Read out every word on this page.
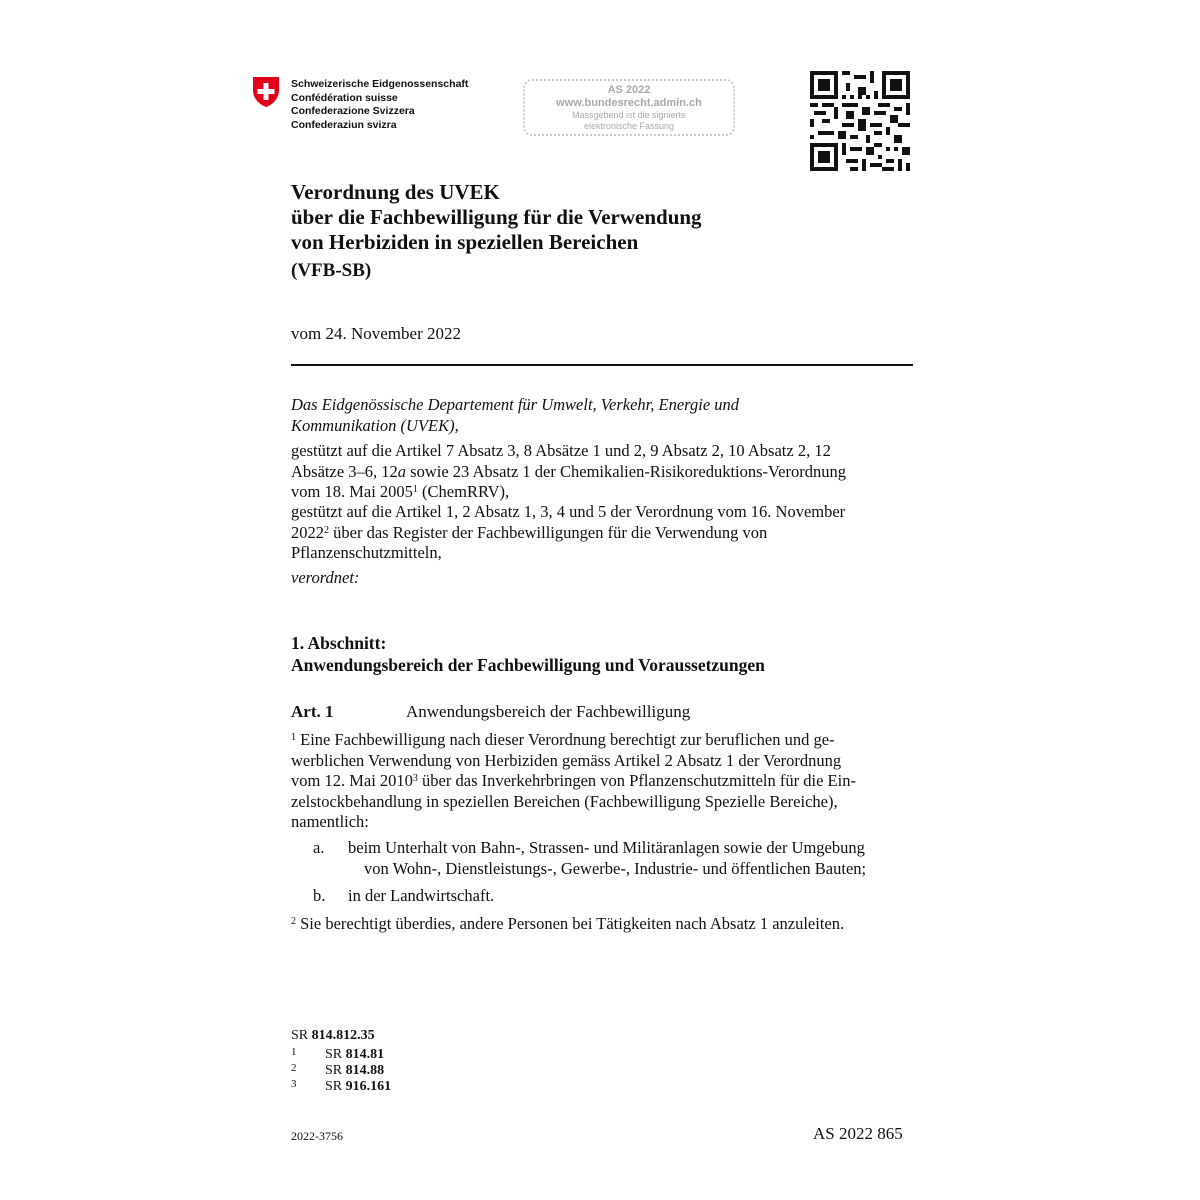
Schweizerische Eidgenossenschaft
Confédération suisse
Confederazione Svizzera
Confederaziun svizra
AS 2022
www.bundesrecht.admin.ch
Massgebend ist die signierte
elektronische Fassung
Verordnung des UVEK
über die Fachbewilligung für die Verwendung
von Herbiziden in speziellen Bereichen
(VFB-SB)
vom 24. November 2022
Das Eidgenössische Departement für Umwelt, Verkehr, Energie und
Kommunikation (UVEK),
gestützt auf die Artikel 7 Absatz 3, 8 Absätze 1 und 2, 9 Absatz 2, 10 Absatz 2, 12
Absätze 3–6, 12a sowie 23 Absatz 1 der Chemikalien-Risikoreduktions-Verordnung
vom 18. Mai 2005$^1$ (ChemRRV),
gestützt auf die Artikel 1, 2 Absatz 1, 3, 4 und 5 der Verordnung vom 16. November
2022$^2$ über das Register der Fachbewilligungen für die Verwendung von
Pflanzenschutzmitteln,
verordnet:
1. Abschnitt:
Anwendungsbereich der Fachbewilligung und Voraussetzungen
Art. 1	Anwendungsbereich der Fachbewilligung
$^1$ Eine Fachbewilligung nach dieser Verordnung berechtigt zur beruflichen und ge-
werblichen Verwendung von Herbiziden gemäss Artikel 2 Absatz 1 der Verordnung
vom 12. Mai 2010$^3$ über das Inverkehrbringen von Pflanzenschutzmitteln für die Ein-
zelstockbehandlung in speziellen Bereichen (Fachbewilligung Spezielle Bereiche),
namentlich:
a. beim Unterhalt von Bahn-, Strassen- und Militäranlagen sowie der Umgebung
von Wohn-, Dienstleistungs-, Gewerbe-, Industrie- und öffentlichen Bauten;
b. in der Landwirtschaft.
$^2$ Sie berechtigt überdies, andere Personen bei Tätigkeiten nach Absatz 1 anzuleiten.
SR 814.812.35
1 SR 814.81
2 SR 814.88
3 SR 916.161
2022-3756	AS 2022 865
